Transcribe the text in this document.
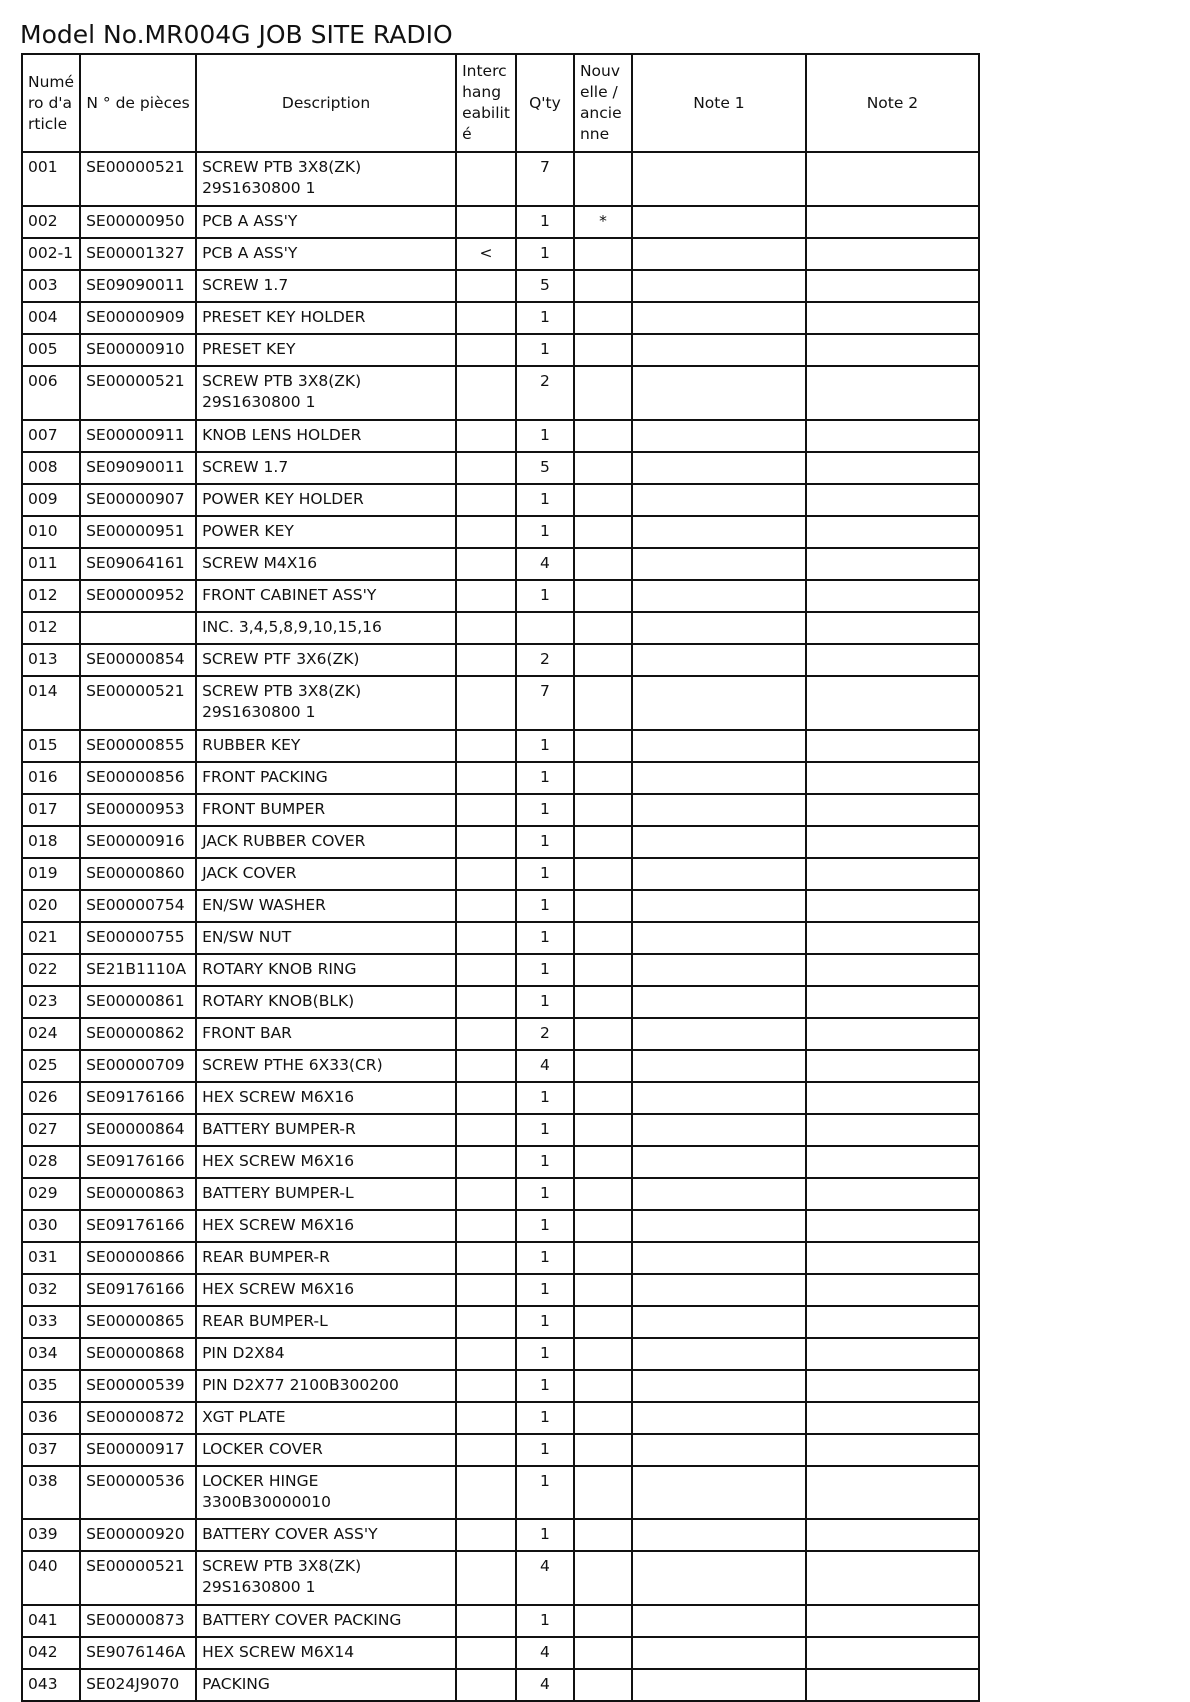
Model No.MR004G JOB SITE RADIO
Numé ro d'a rticle	N ° de pièces	Description	Interc hang eabilit é	Q'ty	Nouv elle / ancie nne	Note 1	Note 2
001	SE00000521	SCREW PTB 3X8(ZK) 29S1630800 1		7			
002	SE00000950	PCB A ASS'Y		1	*		
002-1	SE00001327	PCB A ASS'Y	<	1			
003	SE09090011	SCREW 1.7		5			
004	SE00000909	PRESET KEY HOLDER		1			
005	SE00000910	PRESET KEY		1			
006	SE00000521	SCREW PTB 3X8(ZK) 29S1630800 1		2			
007	SE00000911	KNOB LENS HOLDER		1			
008	SE09090011	SCREW 1.7		5			
009	SE00000907	POWER KEY HOLDER		1			
010	SE00000951	POWER KEY		1			
011	SE09064161	SCREW M4X16		4			
012	SE00000952	FRONT CABINET ASS'Y		1			
012		INC. 3,4,5,8,9,10,15,16					
013	SE00000854	SCREW PTF 3X6(ZK)		2			
014	SE00000521	SCREW PTB 3X8(ZK) 29S1630800 1		7			
015	SE00000855	RUBBER KEY		1			
016	SE00000856	FRONT PACKING		1			
017	SE00000953	FRONT BUMPER		1			
018	SE00000916	JACK RUBBER COVER		1			
019	SE00000860	JACK COVER		1			
020	SE00000754	EN/SW WASHER		1			
021	SE00000755	EN/SW NUT		1			
022	SE21B1110A	ROTARY KNOB RING		1			
023	SE00000861	ROTARY KNOB(BLK)		1			
024	SE00000862	FRONT BAR		2			
025	SE00000709	SCREW PTHE 6X33(CR)		4			
026	SE09176166	HEX SCREW M6X16		1			
027	SE00000864	BATTERY BUMPER-R		1			
028	SE09176166	HEX SCREW M6X16		1			
029	SE00000863	BATTERY BUMPER-L		1			
030	SE09176166	HEX SCREW M6X16		1			
031	SE00000866	REAR BUMPER-R		1			
032	SE09176166	HEX SCREW M6X16		1			
033	SE00000865	REAR BUMPER-L		1			
034	SE00000868	PIN D2X84		1			
035	SE00000539	PIN D2X77 2100B300200		1			
036	SE00000872	XGT PLATE		1			
037	SE00000917	LOCKER COVER		1			
038	SE00000536	LOCKER HINGE 3300B30000010		1			
039	SE00000920	BATTERY COVER ASS'Y		1			
040	SE00000521	SCREW PTB 3X8(ZK) 29S1630800 1		4			
041	SE00000873	BATTERY COVER PACKING		1			
042	SE9076146A	HEX SCREW M6X14		4			
043	SE024J9070	PACKING		4			
